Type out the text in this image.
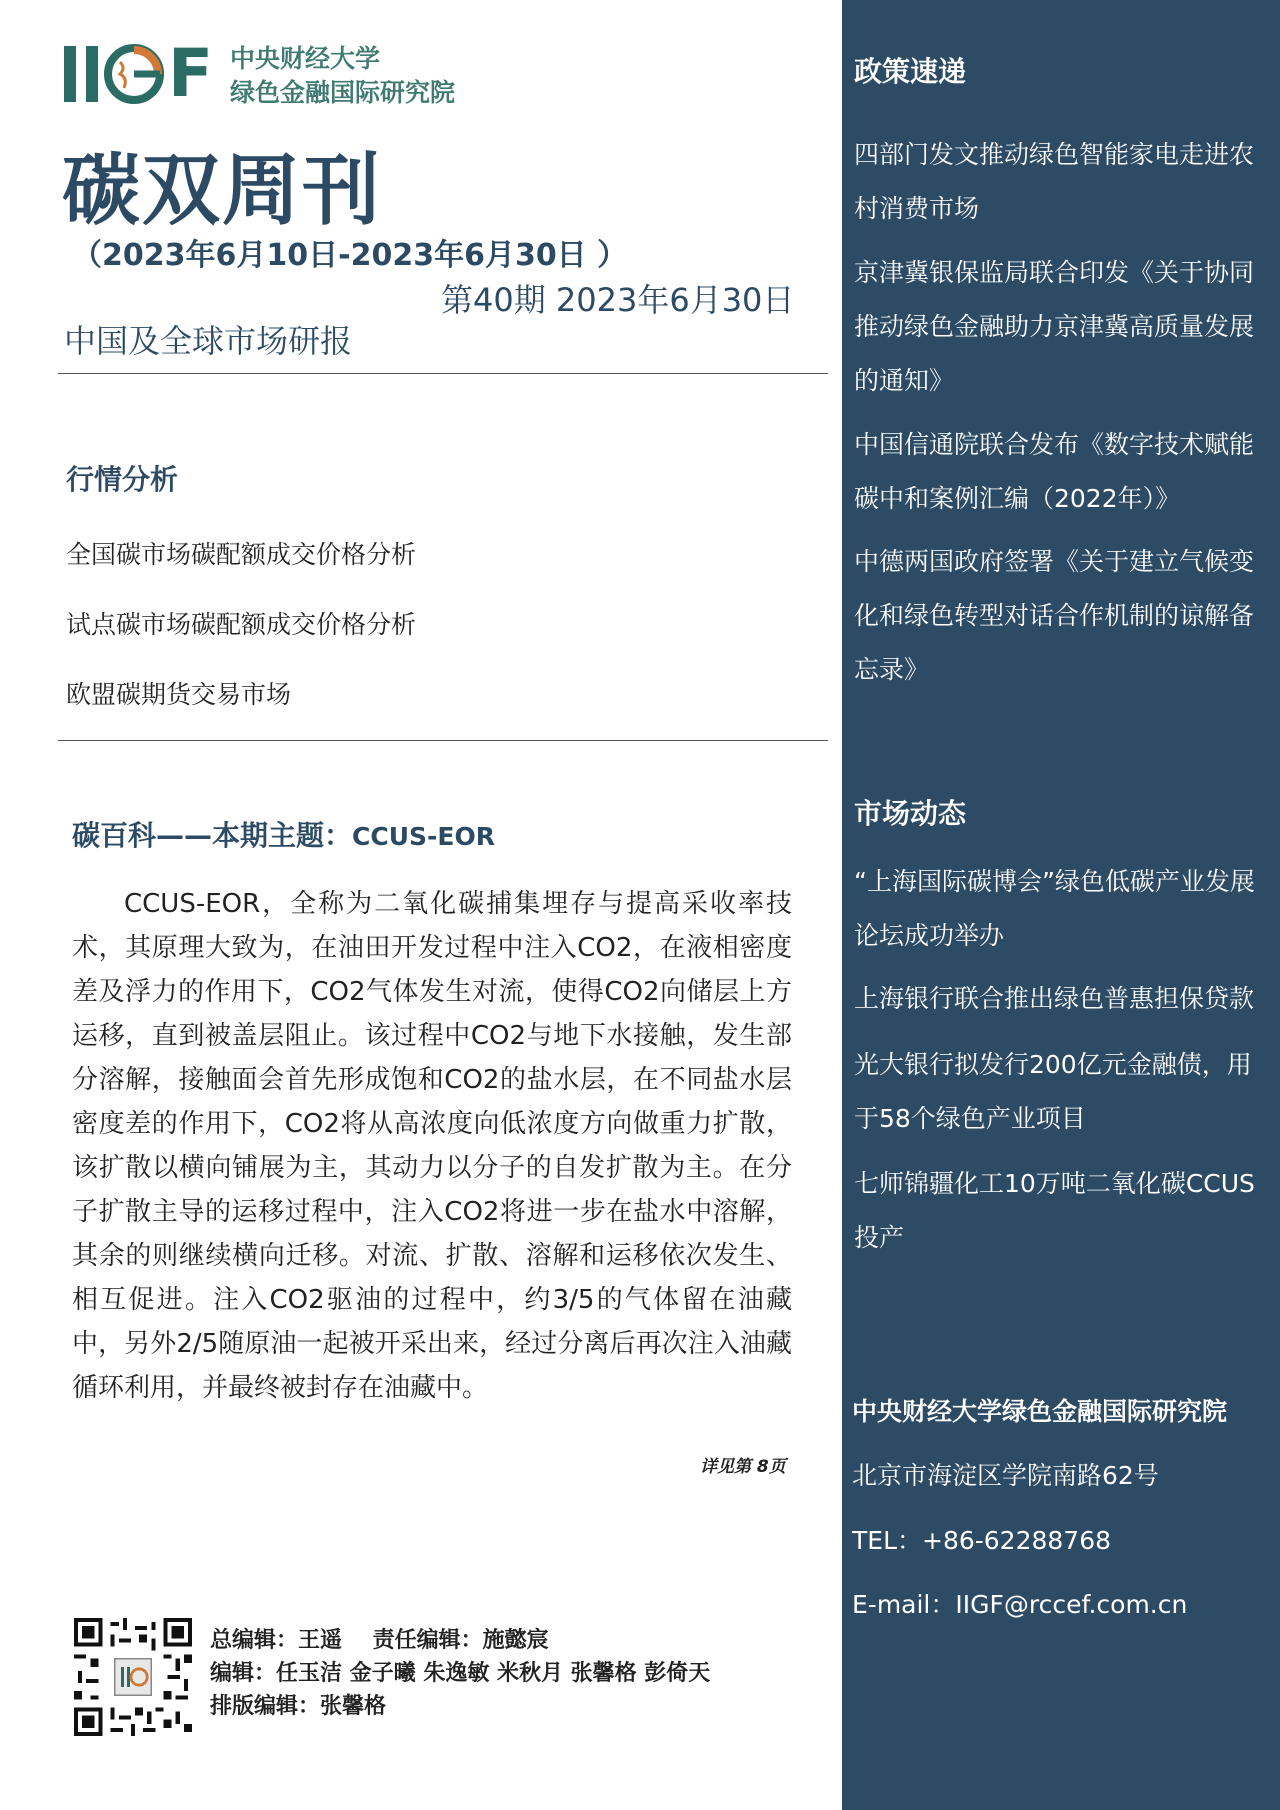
F 中央财经大学
绿色金融国际研究院
碳双周刊
（2023年6月10日-2023年6月30日 ）
第40期 2023年6月30日
中国及全球市场研报
行情分析
全国碳市场碳配额成交价格分析
试点碳市场碳配额成交价格分析
欧盟碳期货交易市场
碳百科——本期主题：CCUS-EOR
CCUS-EOR，全称为二氧化碳捕集埋存与提高采收率技术，其原理大致为，在油田开发过程中注入CO2，在液相密度差及浮力的作用下，CO2气体发生对流，使得CO2向储层上方运移，直到被盖层阻止。该过程中CO2与地下水接触，发生部分溶解，接触面会首先形成饱和CO2的盐水层，在不同盐水层密度差的作用下，CO2将从高浓度向低浓度方向做重力扩散，该扩散以横向铺展为主，其动力以分子的自发扩散为主。在分子扩散主导的运移过程中，注入CO2将进一步在盐水中溶解，其余的则继续横向迁移。对流、扩散、溶解和运移依次发生、相互促进。注入CO2驱油的过程中，约3/5的气体留在油藏中，另外2/5随原油一起被开采出来，经过分离后再次注入油藏循环利用，并最终被封存在油藏中。
详见第 8页
总编辑：王遥    责任编辑：施懿宸
编辑：任玉洁 金子曦 朱逸敏 米秋月 张馨格 彭倚天
排版编辑：张馨格
政策速递
四部门发文推动绿色智能家电走进农村消费市场
京津冀银保监局联合印发《关于协同推动绿色金融助力京津冀高质量发展的通知》
中国信通院联合发布《数字技术赋能碳中和案例汇编（2022年）》
中德两国政府签署《关于建立气候变化和绿色转型对话合作机制的谅解备忘录》
市场动态
“上海国际碳博会”绿色低碳产业发展论坛成功举办
上海银行联合推出绿色普惠担保贷款
光大银行拟发行200亿元金融债，用于58个绿色产业项目
七师锦疆化工10万吨二氧化碳CCUS投产
中央财经大学绿色金融国际研究院
北京市海淀区学院南路62号
TEL：+86-62288768
E-mail：IIGF@rccef.com.cn
